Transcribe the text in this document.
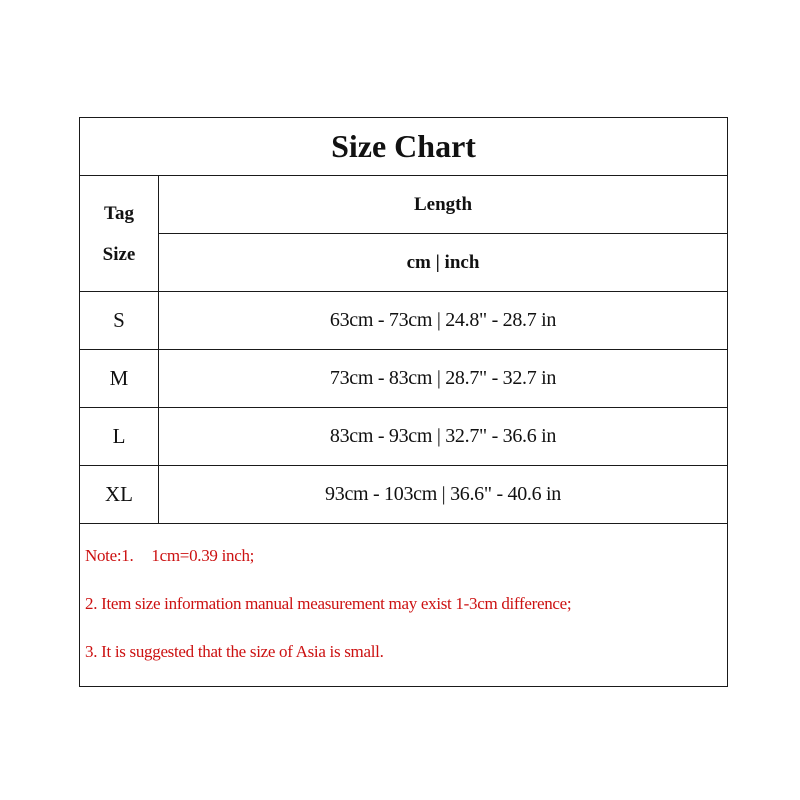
Size Chart	

Tag
Size	Length
	cm | inch
S	63cm - 73cm | 24.8" - 28.7 in
M	73cm - 83cm | 28.7" - 32.7 in
L	83cm - 93cm | 32.7" - 36.6 in
XL	93cm - 103cm | 36.6" - 40.6 in

Note:1. 1cm=0.39 inch;
2. Item size information manual measurement may exist 1-3cm difference;
3. It is suggested that the size of Asia is small.	
